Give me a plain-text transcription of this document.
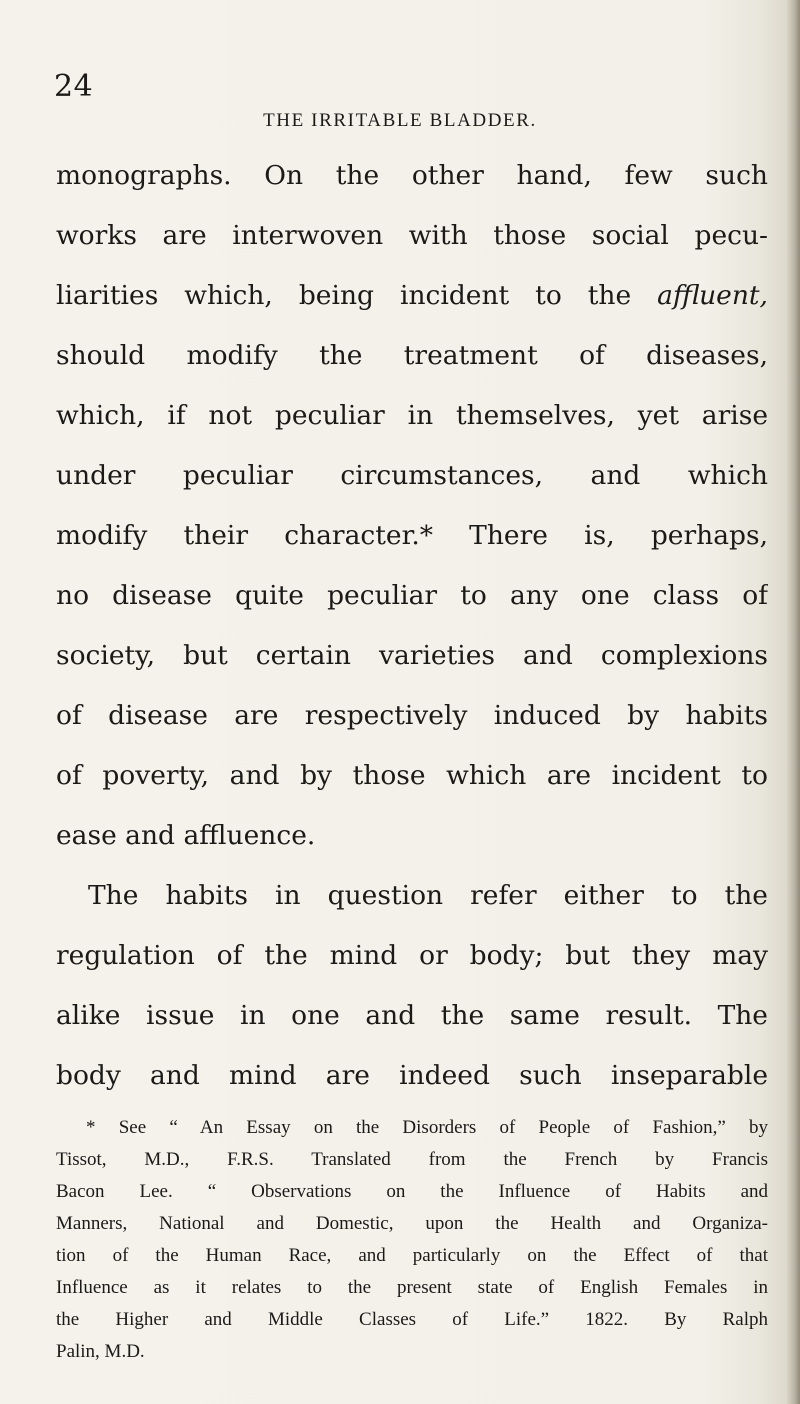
24
THE IRRITABLE BLADDER.
monographs. On the other hand, few such
works are interwoven with those social pecu-
liarities which, being incident to the affluent,
should modify the treatment of diseases,
which, if not peculiar in themselves, yet arise
under peculiar circumstances, and which
modify their character.* There is, perhaps,
no disease quite peculiar to any one class of
society, but certain varieties and complexions
of disease are respectively induced by habits
of poverty, and by those which are incident to
ease and affluence.
The habits in question refer either to the
regulation of the mind or body; but they may
alike issue in one and the same result. The
body and mind are indeed such inseparable
* See “ An Essay on the Disorders of People of Fashion,” by
Tissot, M.D., F.R.S. Translated from the French by Francis
Bacon Lee. “ Observations on the Influence of Habits and
Manners, National and Domestic, upon the Health and Organiza-
tion of the Human Race, and particularly on the Effect of that
Influence as it relates to the present state of English Females in
the Higher and Middle Classes of Life.” 1822. By Ralph
Palin, M.D.
